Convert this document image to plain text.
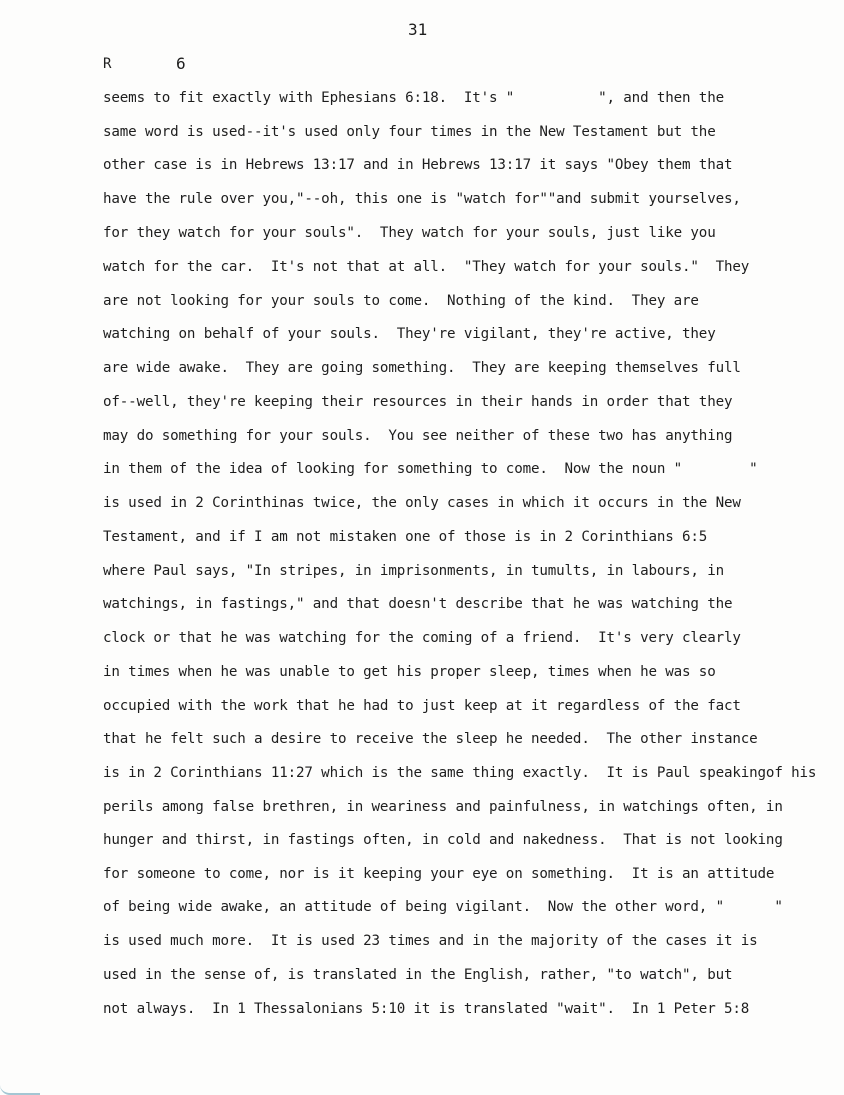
31
R	6
seems to fit exactly with Ephesians 6:18.  It's "          ", and then the
same word is used--it's used only four times in the New Testament but the
other case is in Hebrews 13:17 and in Hebrews 13:17 it says "Obey them that
have the rule over you,"--oh, this one is "watch for""and submit yourselves,
for they watch for your souls".  They watch for your souls, just like you
watch for the car.  It's not that at all.  "They watch for your souls."  They
are not looking for your souls to come.  Nothing of the kind.  They are
watching on behalf of your souls.  They're vigilant, they're active, they
are wide awake.  They are going something.  They are keeping themselves full
of--well, they're keeping their resources in their hands in order that they
may do something for your souls.  You see neither of these two has anything
in them of the idea of looking for something to come.  Now the noun "        "
is used in 2 Corinthinas twice, the only cases in which it occurs in the New
Testament, and if I am not mistaken one of those is in 2 Corinthians 6:5
where Paul says, "In stripes, in imprisonments, in tumults, in labours, in
watchings, in fastings," and that doesn't describe that he was watching the
clock or that he was watching for the coming of a friend.  It's very clearly
in times when he was unable to get his proper sleep, times when he was so
occupied with the work that he had to just keep at it regardless of the fact
that he felt such a desire to receive the sleep he needed.  The other instance
is in 2 Corinthians 11:27 which is the same thing exactly.  It is Paul speakingof his
perils among false brethren, in weariness and painfulness, in watchings often, in
hunger and thirst, in fastings often, in cold and nakedness.  That is not looking
for someone to come, nor is it keeping your eye on something.  It is an attitude
of being wide awake, an attitude of being vigilant.  Now the other word, "      "
is used much more.  It is used 23 times and in the majority of the cases it is
used in the sense of, is translated in the English, rather, "to watch", but
not always.  In 1 Thessalonians 5:10 it is translated "wait".  In 1 Peter 5:8
